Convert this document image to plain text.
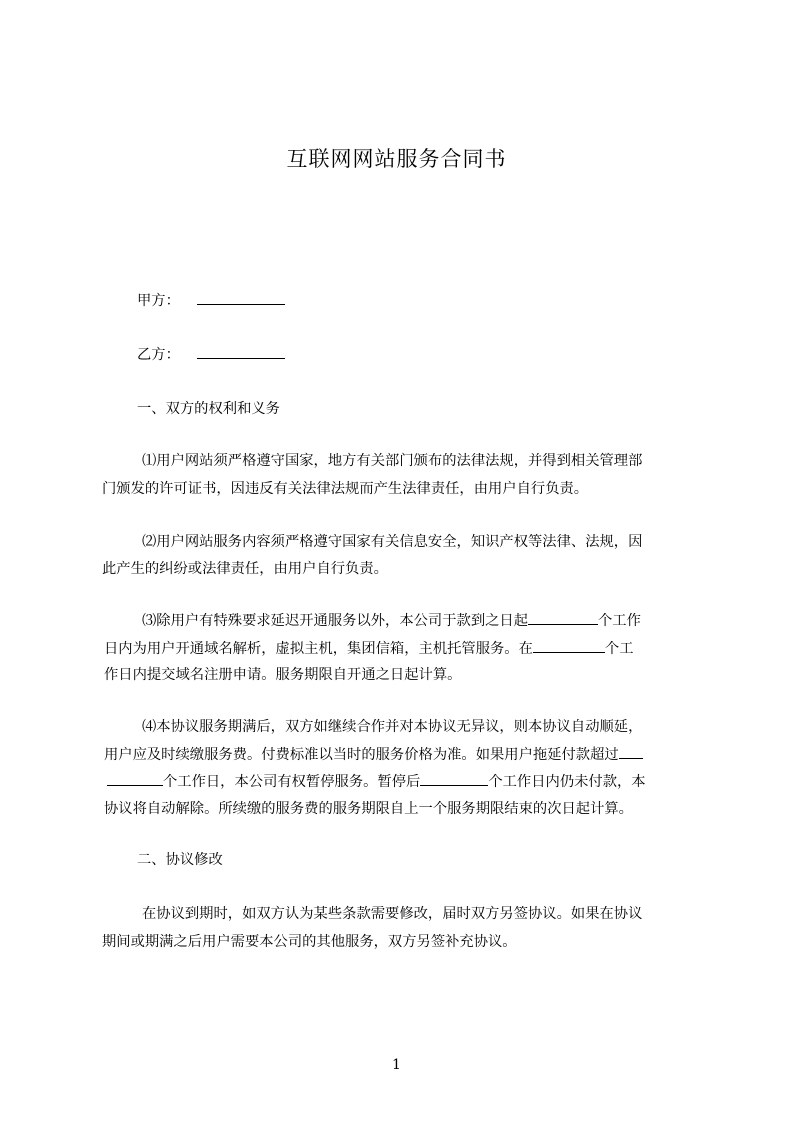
互联网网站服务合同书
甲方：
乙方：
一、双方的权利和义务
⑴用户网站须严格遵守国家，地方有关部门颁布的法律法规，并得到相关管理部
门颁发的许可证书，因违反有关法律法规而产生法律责任，由用户自行负责。
⑵用户网站服务内容须严格遵守国家有关信息安全，知识产权等法律、法规，因
此产生的纠纷或法律责任，由用户自行负责。
⑶除用户有特殊要求延迟开通服务以外，本公司于款到之日起	个工作
日内为用户开通域名解析，虚拟主机，集团信箱，主机托管服务。在	个工
作日内提交域名注册申请。服务期限自开通之日起计算。
⑷本协议服务期满后，双方如继续合作并对本协议无异议，则本协议自动顺延，
用户应及时续缴服务费。付费标准以当时的服务价格为准。如果用户拖延付款超过
个工作日，本公司有权暂停服务。暂停后	个工作日内仍未付款，本
协议将自动解除。所续缴的服务费的服务期限自上一个服务期限结束的次日起计算。
二、协议修改
在协议到期时，如双方认为某些条款需要修改，届时双方另签协议。如果在协议
期间或期满之后用户需要本公司的其他服务，双方另签补充协议。
1
